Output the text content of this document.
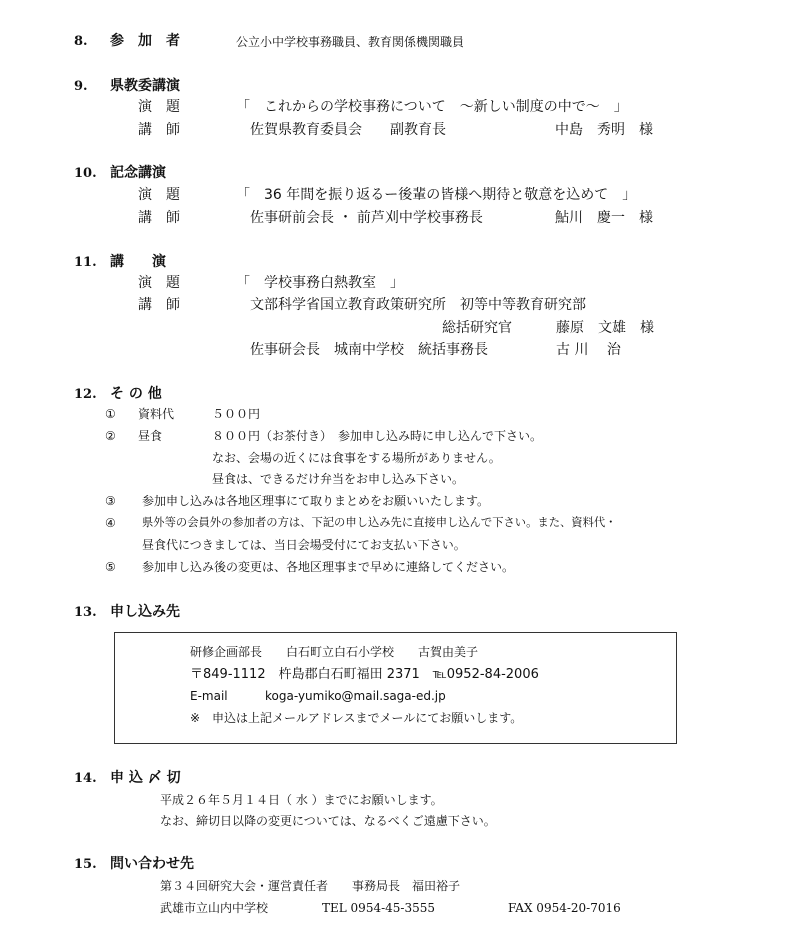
8. 参　加　者	公立小中学校事務職員、教育関係機関職員
9. 県教委講演
演　題	「　これからの学校事務について　～新しい制度の中で～　」
講　師	佐賀県教育委員会　　副教育長	中島　秀明　様
10. 記念講演
演　題	「　36 年間を振り返るー後輩の皆様へ期待と敬意を込めて　」
講　師	佐事研前会長 ・ 前芦刈中学校事務長	鮎川　慶一　様
11. 講　　演
演　題	「　学校事務白熱教室　」
講　師	文部科学省国立教育政策研究所　初等中等教育研究部
総括研究官	藤原　文雄　様
佐事研会長　城南中学校　統括事務長	古 川　 治
12. そ の 他
① 資料代	５００円
② 昼食	８００円（お茶付き）　参加申し込み時に申し込んで下さい。
なお、会場の近くには食事をする場所がありません。
昼食は、できるだけ弁当をお申し込み下さい。
③ 参加申し込みは各地区理事にて取りまとめをお願いいたします。
④ 県外等の会員外の参加者の方は、下記の申し込み先に直接申し込んで下さい。また、資料代・
昼食代につきましては、当日会場受付にてお支払い下さい。
⑤ 参加申し込み後の変更は、各地区理事まで早めに連絡してください。
13. 申し込み先
研修企画部長　　白石町立白石小学校　　古賀由美子
〒849-1112　杵島郡白石町福田 2371　℡0952-84-2006
E-mail	koga-yumiko@mail.saga-ed.jp
※　申込は上記メールアドレスまでメールにてお願いします。
14. 申 込 〆 切
平成２６年５月１４日（ 水 ）までにお願いします。
なお、締切日以降の変更については、なるべくご遠慮下さい。
15. 問い合わせ先
第３４回研究大会・運営責任者　　事務局長　福田裕子
武雄市立山内中学校	TEL 0954-45-3555	FAX 0954-20-7016
